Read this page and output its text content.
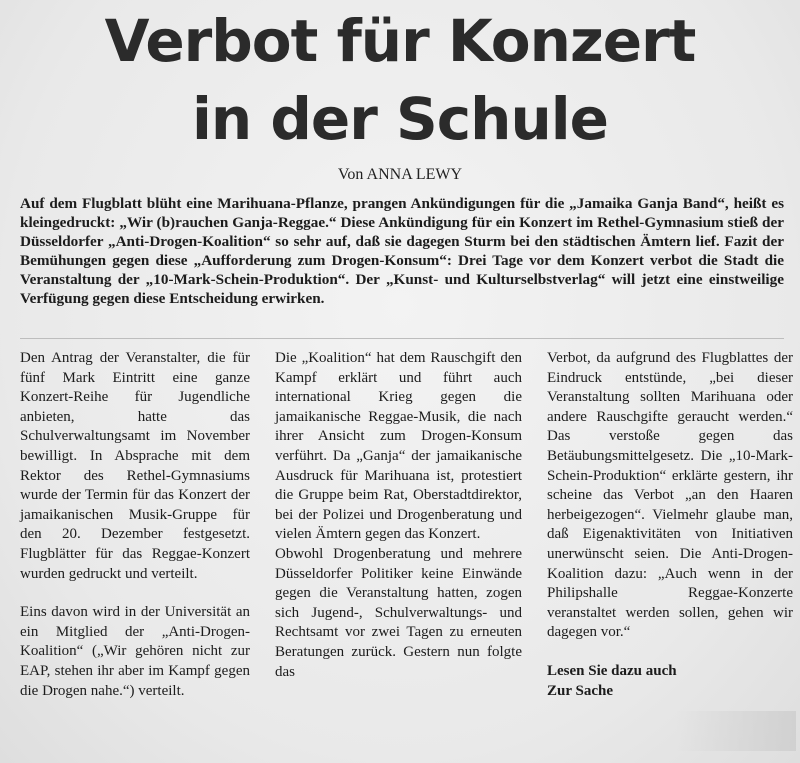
Verbot für Konzert
in der Schule
Von ANNA LEWY

Auf dem Flugblatt blüht eine Marihuana-Pflanze, prangen Ankündigungen für die „Jamaika Ganja Band“, heißt es kleingedruckt: „Wir (b)rauchen Ganja-Reggae.“ Diese Ankündigung für ein Konzert im Rethel-Gymnasium stieß der Düsseldorfer „Anti-Drogen-Koalition“ so sehr auf, daß sie dagegen Sturm bei den städtischen Ämtern lief. Fazit der Bemühungen gegen diese „Aufforderung zum Drogen-Konsum“: Drei Tage vor dem Konzert verbot die Stadt die Veranstaltung der „10-Mark-Schein-Produktion“. Der „Kunst- und Kulturselbstverlag“ will jetzt eine einstweilige Verfügung gegen diese Entscheidung erwirken.

Den Antrag der Veranstalter, die für fünf Mark Eintritt eine ganze Konzert-Reihe für Jugendliche anbieten, hatte das Schulverwaltungsamt im November bewilligt. In Absprache mit dem Rektor des Rethel-Gymnasiums wurde der Termin für das Konzert der jamaikanischen Musik-Gruppe für den 20. Dezember festgesetzt. Flugblätter für das Reggae-Konzert wurden gedruckt und verteilt.

Eins davon wird in der Universität an ein Mitglied der „Anti-Drogen-Koalition“ („Wir gehören nicht zur EAP, stehen ihr aber im Kampf gegen die Drogen nahe.“) verteilt.

Die „Koalition“ hat dem Rauschgift den Kampf erklärt und führt auch international Krieg gegen die jamaikanische Reggae-Musik, die nach ihrer Ansicht zum Drogen-Konsum verführt. Da „Ganja“ der jamaikanische Ausdruck für Marihuana ist, protestiert die Gruppe beim Rat, Oberstadtdirektor, bei der Polizei und Drogenberatung und vielen Ämtern gegen das Konzert.

Obwohl Drogenberatung und mehrere Düsseldorfer Politiker keine Einwände gegen die Veranstaltung hatten, zogen sich Jugend-, Schulverwaltungs- und Rechtsamt vor zwei Tagen zu erneuten Beratungen zurück. Gestern nun folgte das

Verbot, da aufgrund des Flugblattes der Eindruck entstünde, „bei dieser Veranstaltung sollten Marihuana oder andere Rauschgifte geraucht werden.“ Das verstoße gegen das Betäubungsmittelgesetz. Die „10-Mark-Schein-Produktion“ erklärte gestern, ihr scheine das Verbot „an den Haaren herbeigezogen“. Vielmehr glaube man, daß Eigenaktivitäten von Initiativen unerwünscht seien. Die Anti-Drogen-Koalition dazu: „Auch wenn in der Philipshalle Reggae-Konzerte veranstaltet werden sollen, gehen wir dagegen vor.“

Lesen Sie dazu auch Zur Sache
